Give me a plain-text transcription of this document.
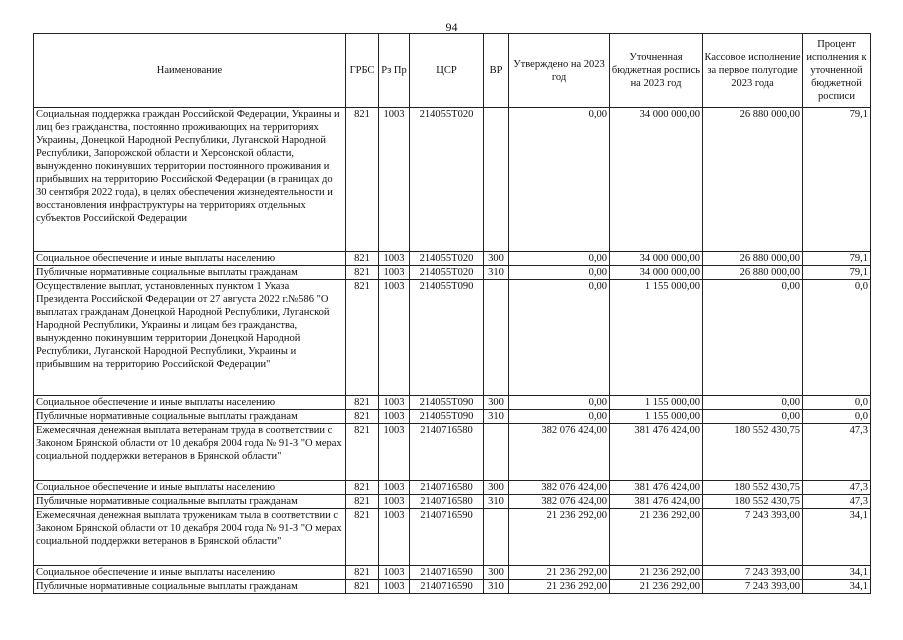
94
Наименование	ГРБС	Рз Пр	ЦСР	ВР	Утверждено на 2023 год	Уточненная бюджетная роспись на 2023 год	Кассовое исполнение за первое полугодие 2023 года	Процент исполнения к уточненной бюджетной росписи
Социальная поддержка граждан Российской Федерации, Украины и лиц без гражданства, постоянно проживающих на территориях Украины, Донецкой Народной Республики, Луганской Народной Республики, Запорожской области и Херсонской области, вынужденно покинувших территории постоянного проживания и прибывших на территорию Российской Федерации (в границах до 30 сентября 2022 года), в целях обеспечения жизнедеятельности и восстановления инфраструктуры на территориях отдельных субъектов Российской Федерации	821	1003	214055T020		0,00	34 000 000,00	26 880 000,00	79,1
Социальное обеспечение и иные выплаты населению	821	1003	214055T020	300	0,00	34 000 000,00	26 880 000,00	79,1
Публичные нормативные социальные выплаты гражданам	821	1003	214055T020	310	0,00	34 000 000,00	26 880 000,00	79,1
Осуществление выплат, установленных пунктом 1 Указа Президента Российской Федерации от 27 августа 2022 г.№586 "О выплатах гражданам Донецкой Народной Республики, Луганской Народной Республики, Украины и лицам без гражданства, вынужденно покинувшим территории Донецкой Народной Республики, Луганской Народной Республики, Украины и прибывшим на территорию Российской Федерации"	821	1003	214055T090		0,00	1 155 000,00	0,00	0,0
Социальное обеспечение и иные выплаты населению	821	1003	214055T090	300	0,00	1 155 000,00	0,00	0,0
Публичные нормативные социальные выплаты гражданам	821	1003	214055T090	310	0,00	1 155 000,00	0,00	0,0
Ежемесячная денежная выплата ветеранам труда в соответствии с Законом Брянской области от 10 декабря 2004 года № 91-З "О мерах социальной поддержки ветеранов в Брянской области"	821	1003	2140716580		382 076 424,00	381 476 424,00	180 552 430,75	47,3
Социальное обеспечение и иные выплаты населению	821	1003	2140716580	300	382 076 424,00	381 476 424,00	180 552 430,75	47,3
Публичные нормативные социальные выплаты гражданам	821	1003	2140716580	310	382 076 424,00	381 476 424,00	180 552 430,75	47,3
Ежемесячная денежная выплата труженикам тыла в соответствии с Законом Брянской области от 10 декабря 2004 года № 91-З "О мерах социальной поддержки ветеранов в Брянской области"	821	1003	2140716590		21 236 292,00	21 236 292,00	7 243 393,00	34,1
Социальное обеспечение и иные выплаты населению	821	1003	2140716590	300	21 236 292,00	21 236 292,00	7 243 393,00	34,1
Публичные нормативные социальные выплаты гражданам	821	1003	2140716590	310	21 236 292,00	21 236 292,00	7 243 393,00	34,1
